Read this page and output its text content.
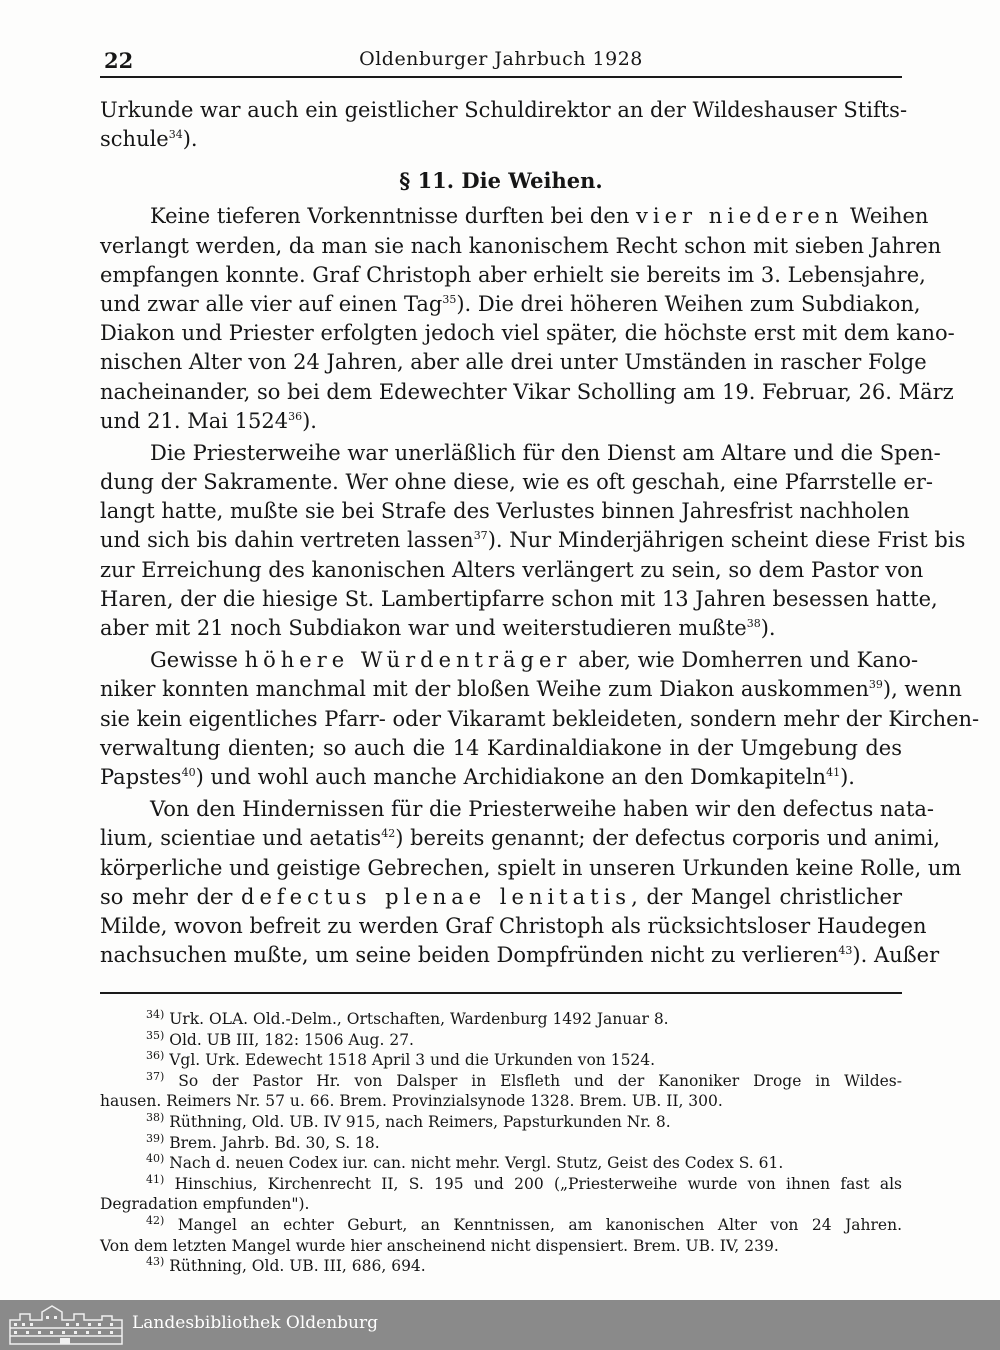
22	Oldenburger Jahrbuch 1928
Urkunde war auch ein geistlicher Schuldirektor an der Wildeshauser Stifts-
schule$^{34}$).
§ 11. Die Weihen.
Keine tieferen Vorkenntnisse durften bei den vier niederen Weihen
verlangt werden, da man sie nach kanonischem Recht schon mit sieben Jahren
empfangen konnte. Graf Christoph aber erhielt sie bereits im 3. Lebensjahre,
und zwar alle vier auf einen Tag$^{35}$). Die drei höheren Weihen zum Subdiakon,
Diakon und Priester erfolgten jedoch viel später, die höchste erst mit dem kano-
nischen Alter von 24 Jahren, aber alle drei unter Umständen in rascher Folge
nacheinander, so bei dem Edewechter Vikar Scholling am 19. Februar, 26. März
und 21. Mai 1524$^{36}$).
Die Priesterweihe war unerläßlich für den Dienst am Altare und die Spen-
dung der Sakramente. Wer ohne diese, wie es oft geschah, eine Pfarrstelle er-
langt hatte, mußte sie bei Strafe des Verlustes binnen Jahresfrist nachholen
und sich bis dahin vertreten lassen$^{37}$). Nur Minderjährigen scheint diese Frist bis
zur Erreichung des kanonischen Alters verlängert zu sein, so dem Pastor von
Haren, der die hiesige St. Lambertipfarre schon mit 13 Jahren besessen hatte,
aber mit 21 noch Subdiakon war und weiterstudieren mußte$^{38}$).
Gewisse höhere Würdenträger aber, wie Domherren und Kano-
niker konnten manchmal mit der bloßen Weihe zum Diakon auskommen$^{39}$), wenn
sie kein eigentliches Pfarr- oder Vikaramt bekleideten, sondern mehr der Kirchen-
verwaltung dienten; so auch die 14 Kardinaldiakone in der Umgebung des
Papstes$^{40}$) und wohl auch manche Archidiakone an den Domkapiteln$^{41}$).
Von den Hindernissen für die Priesterweihe haben wir den defectus nata-
lium, scientiae und aetatis$^{42}$) bereits genannt; der defectus corporis und animi,
körperliche und geistige Gebrechen, spielt in unseren Urkunden keine Rolle, um
so mehr der defectus plenae lenitatis, der Mangel christlicher
Milde, wovon befreit zu werden Graf Christoph als rücksichtsloser Haudegen
nachsuchen mußte, um seine beiden Dompfründen nicht zu verlieren$^{43}$). Außer
$^{34)}$ Urk. OLA. Old.-Delm., Ortschaften, Wardenburg 1492 Januar 8.
$^{35)}$ Old. UB III, 182: 1506 Aug. 27.
$^{36)}$ Vgl. Urk. Edewecht 1518 April 3 und die Urkunden von 1524.
$^{37)}$ So der Pastor Hr. von Dalsper in Elsfleth und der Kanoniker Droge in Wildes-
hausen. Reimers Nr. 57 u. 66. Brem. Provinzialsynode 1328. Brem. UB. II, 300.
$^{38)}$ Rüthning, Old. UB. IV 915, nach Reimers, Papsturkunden Nr. 8.
$^{39)}$ Brem. Jahrb. Bd. 30, S. 18.
$^{40)}$ Nach d. neuen Codex iur. can. nicht mehr. Vergl. Stutz, Geist des Codex S. 61.
$^{41)}$ Hinschius, Kirchenrecht II, S. 195 und 200 („Priesterweihe wurde von ihnen fast als
Degradation empfunden").
$^{42)}$ Mangel an echter Geburt, an Kenntnissen, am kanonischen Alter von 24 Jahren.
Von dem letzten Mangel wurde hier anscheinend nicht dispensiert. Brem. UB. IV, 239.
$^{43)}$ Rüthning, Old. UB. III, 686, 694.
Landesbibliothek Oldenburg
